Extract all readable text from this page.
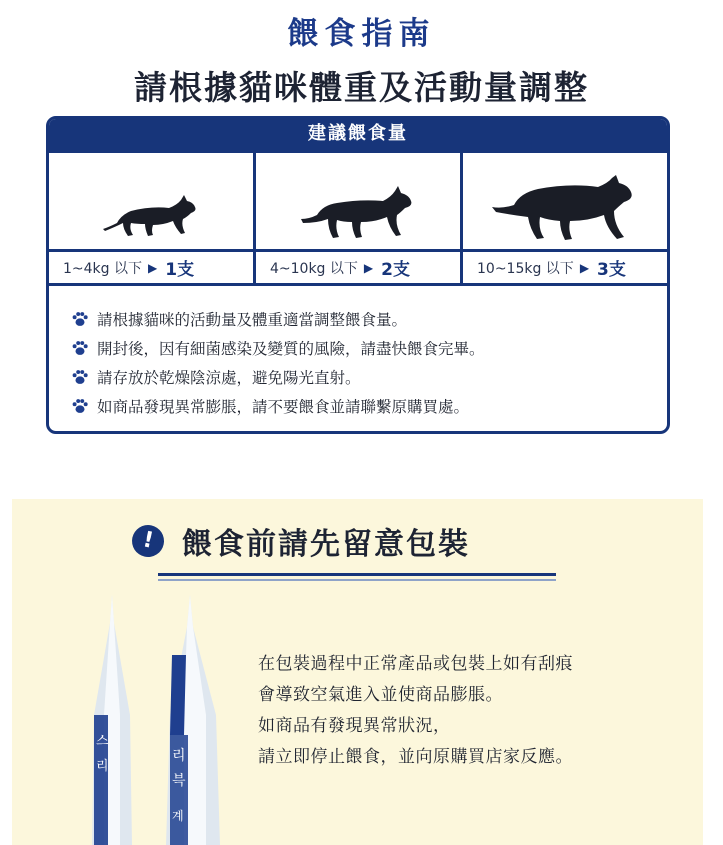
餵食指南
請根據貓咪體重及活動量調整
建議餵食量
1~4kg 以下 ▶ 1支	4~10kg 以下 ▶ 2支	10~15kg 以下 ▶ 3支
請根據貓咪的活動量及體重適當調整餵食量。
開封後，因有細菌感染及變質的風險，請盡快餵食完畢。
請存放於乾燥陰涼處，避免陽光直射。
如商品發現異常膨脹，請不要餵食並請聯繫原購買處。
! 餵食前請先留意包裝
스
리
리
븍
계
在包裝過程中正常產品或包裝上如有刮痕
會導致空氣進入並使商品膨脹。
如商品有發現異常狀況，
請立即停止餵食，並向原購買店家反應。
